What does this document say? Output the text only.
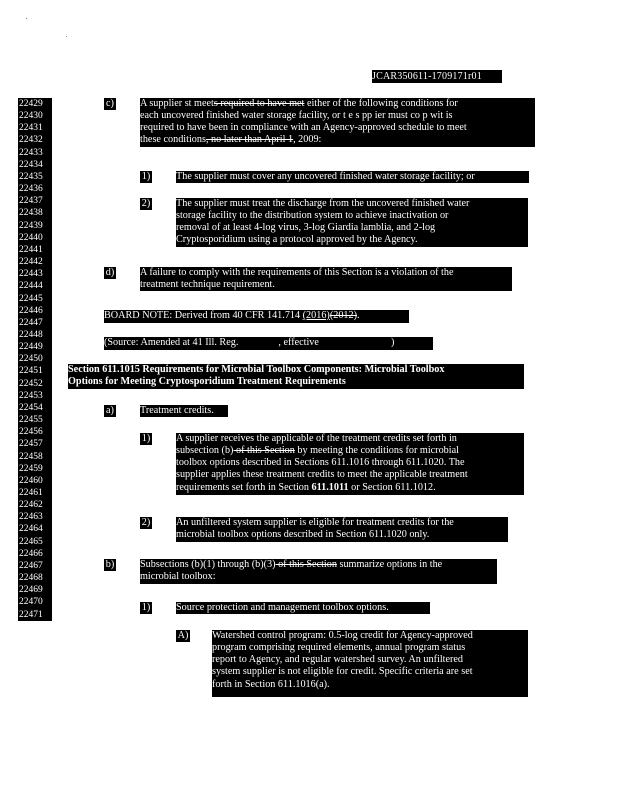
JCAR350611-1709171r01
22429
22430
22431
22432
22433
22434
22435
22436
22437
22438
22439
22440
22441
22442
22443
22444
22445
22446
22447
22448
22449
22450
22451
22452
22453
22454
22455
22456
22457
22458
22459
22460
22461
22462
22463
22464
22465
22466
22467
22468
22469
22470
22471
c)	A supplier st meets required to have met either of the following conditions for
each uncovered finished water storage facility, or t e s pp ier must co p wit is
required to have been in compliance with an Agency-approved schedule to meet
these conditions, no later than April 1, 2009:
1)	The supplier must cover any uncovered finished water storage facility; or
2)	The supplier must treat the discharge from the uncovered finished water
storage facility to the distribution system to achieve inactivation or
removal of at least 4-log virus, 3-log Giardia lamblia, and 2-log
Cryptosporidium using a protocol approved by the Agency.
d)	A failure to comply with the requirements of this Section is a violation of the
treatment technique requirement.
BOARD NOTE: Derived from 40 CFR 141.714 (2016)(2012).
(Source: Amended at 41 Ill. Reg.	, effective	)
Section 611.1015 Requirements for Microbial Toolbox Components: Microbial Toolbox
Options for Meeting Cryptosporidium Treatment Requirements
a)	Treatment credits.
1)	A supplier receives the applicable of the treatment credits set forth in
subsection (b) of this Section by meeting the conditions for microbial
toolbox options described in Sections 611.1016 through 611.1020. The
supplier applies these treatment credits to meet the applicable treatment
requirements set forth in Section 611.1011 or Section 611.1012.
2)	An unfiltered system supplier is eligible for treatment credits for the
microbial toolbox options described in Section 611.1020 only.
b)	Subsections (b)(1) through (b)(3) of this Section summarize options in the
microbial toolbox:
1)	Source protection and management toolbox options.
A) Watershed control program: 0.5-log credit for Agency-approved
program comprising required elements, annual program status
report to Agency, and regular watershed survey. An unfiltered
system supplier is not eligible for credit. Specific criteria are set
forth in Section 611.1016(a).
